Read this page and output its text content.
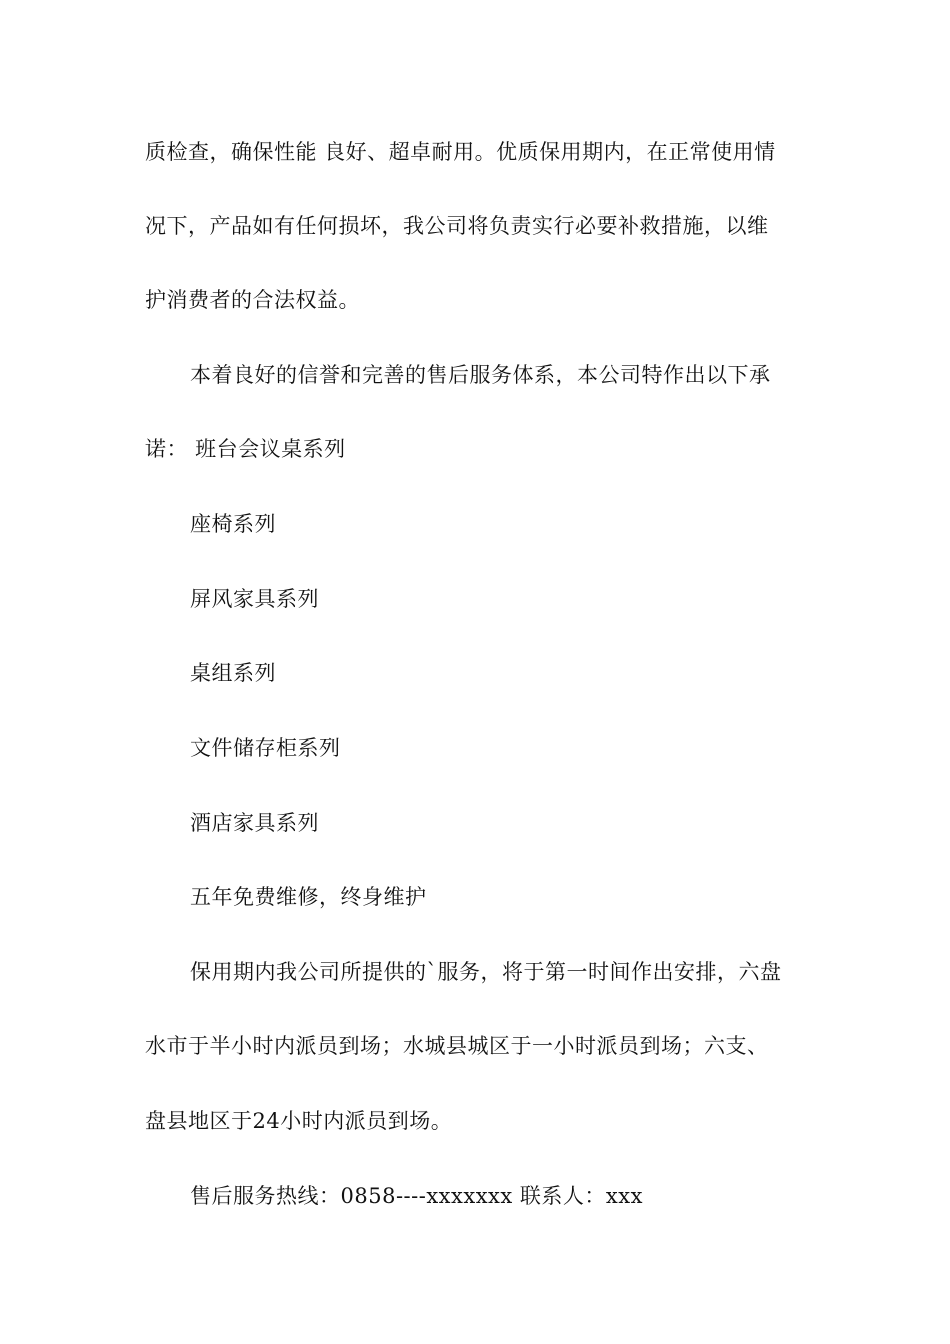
质检查，确保性能 良好、超卓耐用。优质保用期内，在正常使用情
况下，产品如有任何损坏，我公司将负责实行必要补救措施，以维
护消费者的合法权益。
本着良好的信誉和完善的售后服务体系，本公司特作出以下承
诺： 班台会议桌系列
座椅系列
屏风家具系列
桌组系列
文件储存柜系列
酒店家具系列
五年免费维修，终身维护
保用期内我公司所提供的`服务，将于第一时间作出安排，六盘
水市于半小时内派员到场；水城县城区于一小时派员到场；六支、
盘县地区于24小时内派员到场。
售后服务热线：0858----xxxxxxx 联系人：xxx
